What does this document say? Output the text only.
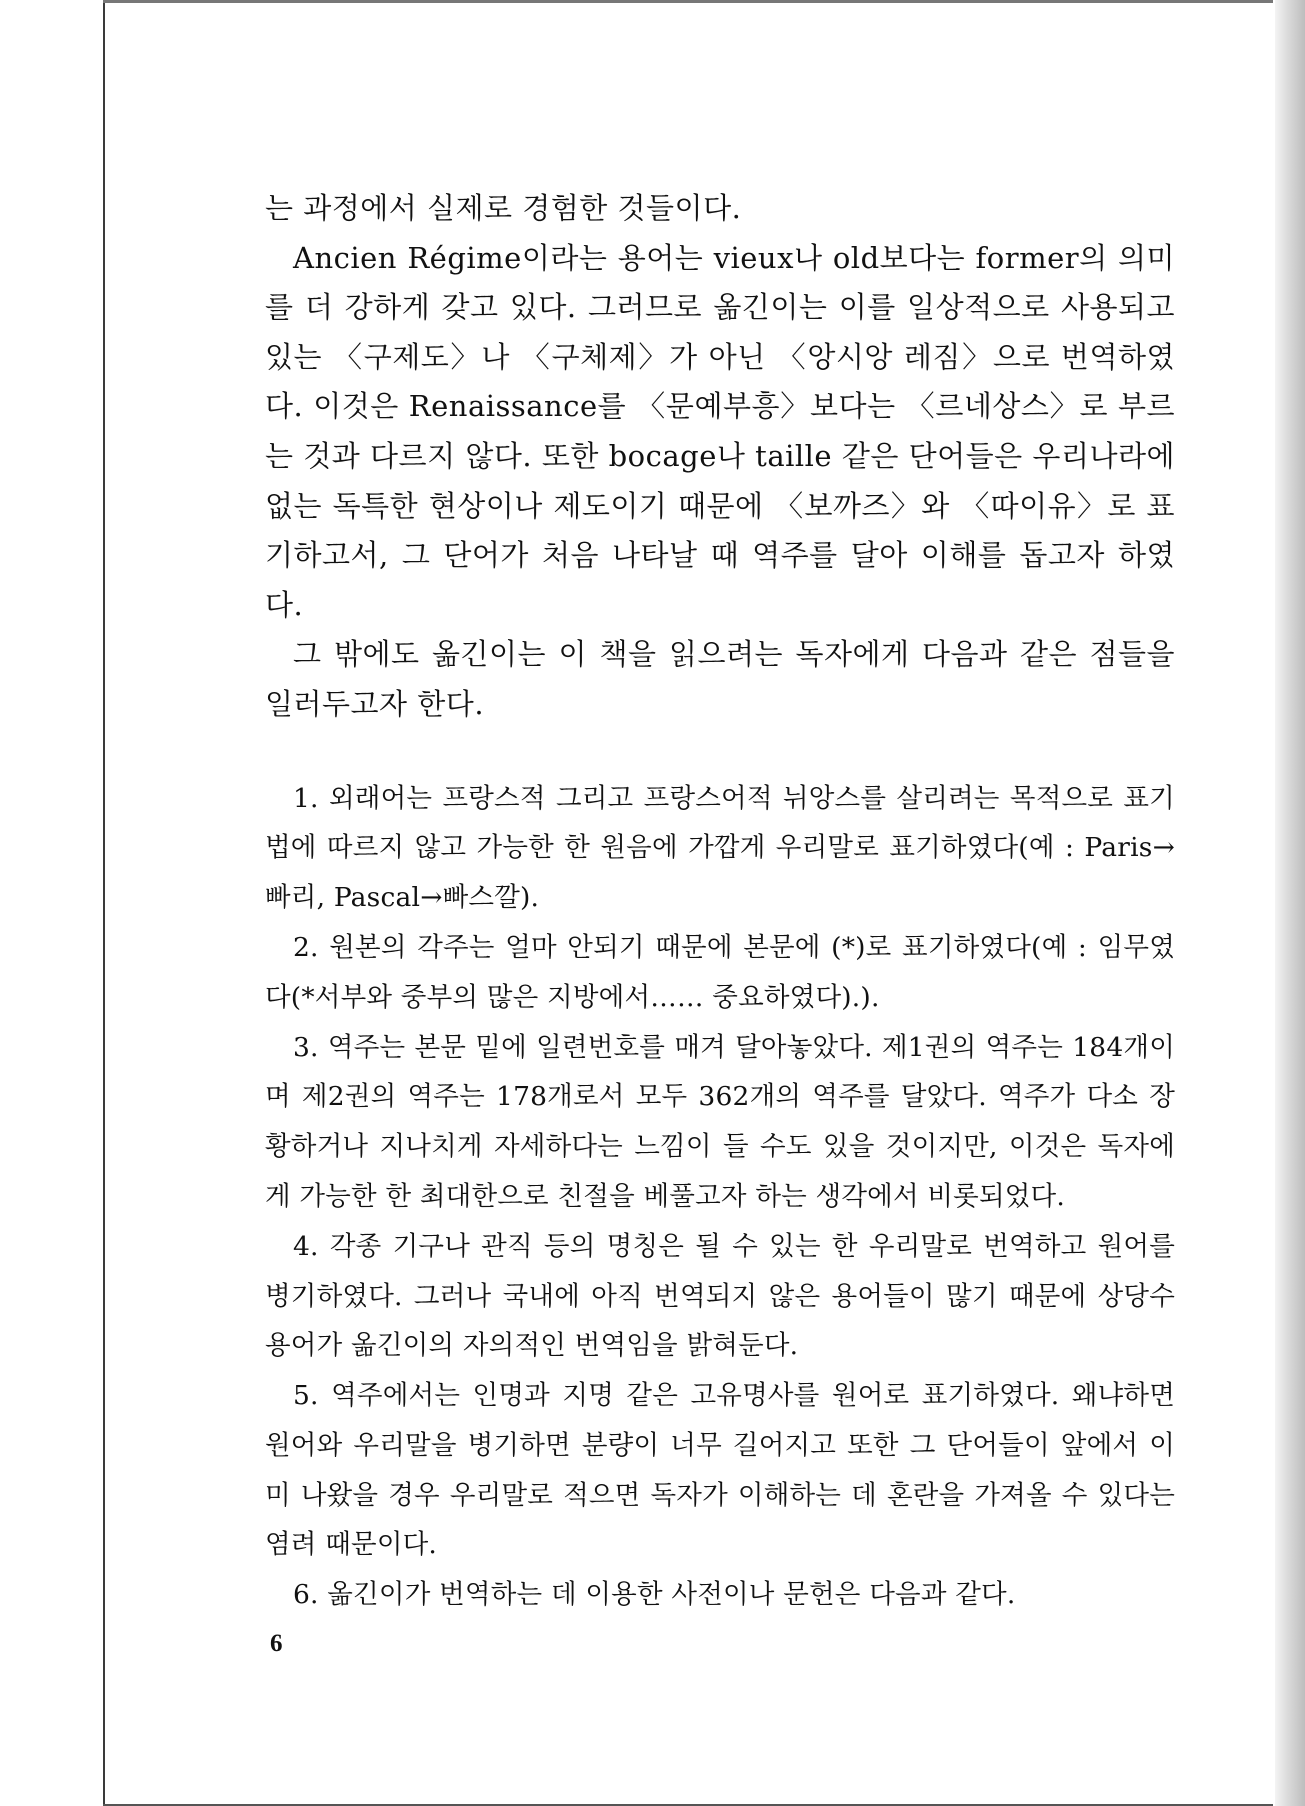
는 과정에서 실제로 경험한 것들이다.

Ancien Régime이라는 용어는 vieux나 old보다는 former의 의미를 더 강하게 갖고 있다. 그러므로 옮긴이는 이를 일상적으로 사용되고 있는 〈구제도〉나 〈구체제〉가 아닌 〈앙시앙 레짐〉으로 번역하였다. 이것은 Renaissance를 〈문예부흥〉보다는 〈르네상스〉로 부르는 것과 다르지 않다. 또한 bocage나 taille 같은 단어들은 우리나라에 없는 독특한 현상이나 제도이기 때문에 〈보까즈〉와 〈따이유〉로 표기하고서, 그 단어가 처음 나타날 때 역주를 달아 이해를 돕고자 하였다.

그 밖에도 옮긴이는 이 책을 읽으려는 독자에게 다음과 같은 점들을 일러두고자 한다.

1. 외래어는 프랑스적 그리고 프랑스어적 뉘앙스를 살리려는 목적으로 표기법에 따르지 않고 가능한 한 원음에 가깝게 우리말로 표기하였다(예 : Paris→빠리, Pascal→빠스깔).

2. 원본의 각주는 얼마 안되기 때문에 본문에 (*)로 표기하였다(예 : 임무였다(*서부와 중부의 많은 지방에서…… 중요하였다).).

3. 역주는 본문 밑에 일련번호를 매겨 달아놓았다. 제1권의 역주는 184개이며 제2권의 역주는 178개로서 모두 362개의 역주를 달았다. 역주가 다소 장황하거나 지나치게 자세하다는 느낌이 들 수도 있을 것이지만, 이것은 독자에게 가능한 한 최대한으로 친절을 베풀고자 하는 생각에서 비롯되었다.

4. 각종 기구나 관직 등의 명칭은 될 수 있는 한 우리말로 번역하고 원어를 병기하였다. 그러나 국내에 아직 번역되지 않은 용어들이 많기 때문에 상당수 용어가 옮긴이의 자의적인 번역임을 밝혀둔다.

5. 역주에서는 인명과 지명 같은 고유명사를 원어로 표기하였다. 왜냐하면 원어와 우리말을 병기하면 분량이 너무 길어지고 또한 그 단어들이 앞에서 이미 나왔을 경우 우리말로 적으면 독자가 이해하는 데 혼란을 가져올 수 있다는 염려 때문이다.

6. 옮긴이가 번역하는 데 이용한 사전이나 문헌은 다음과 같다.

6
